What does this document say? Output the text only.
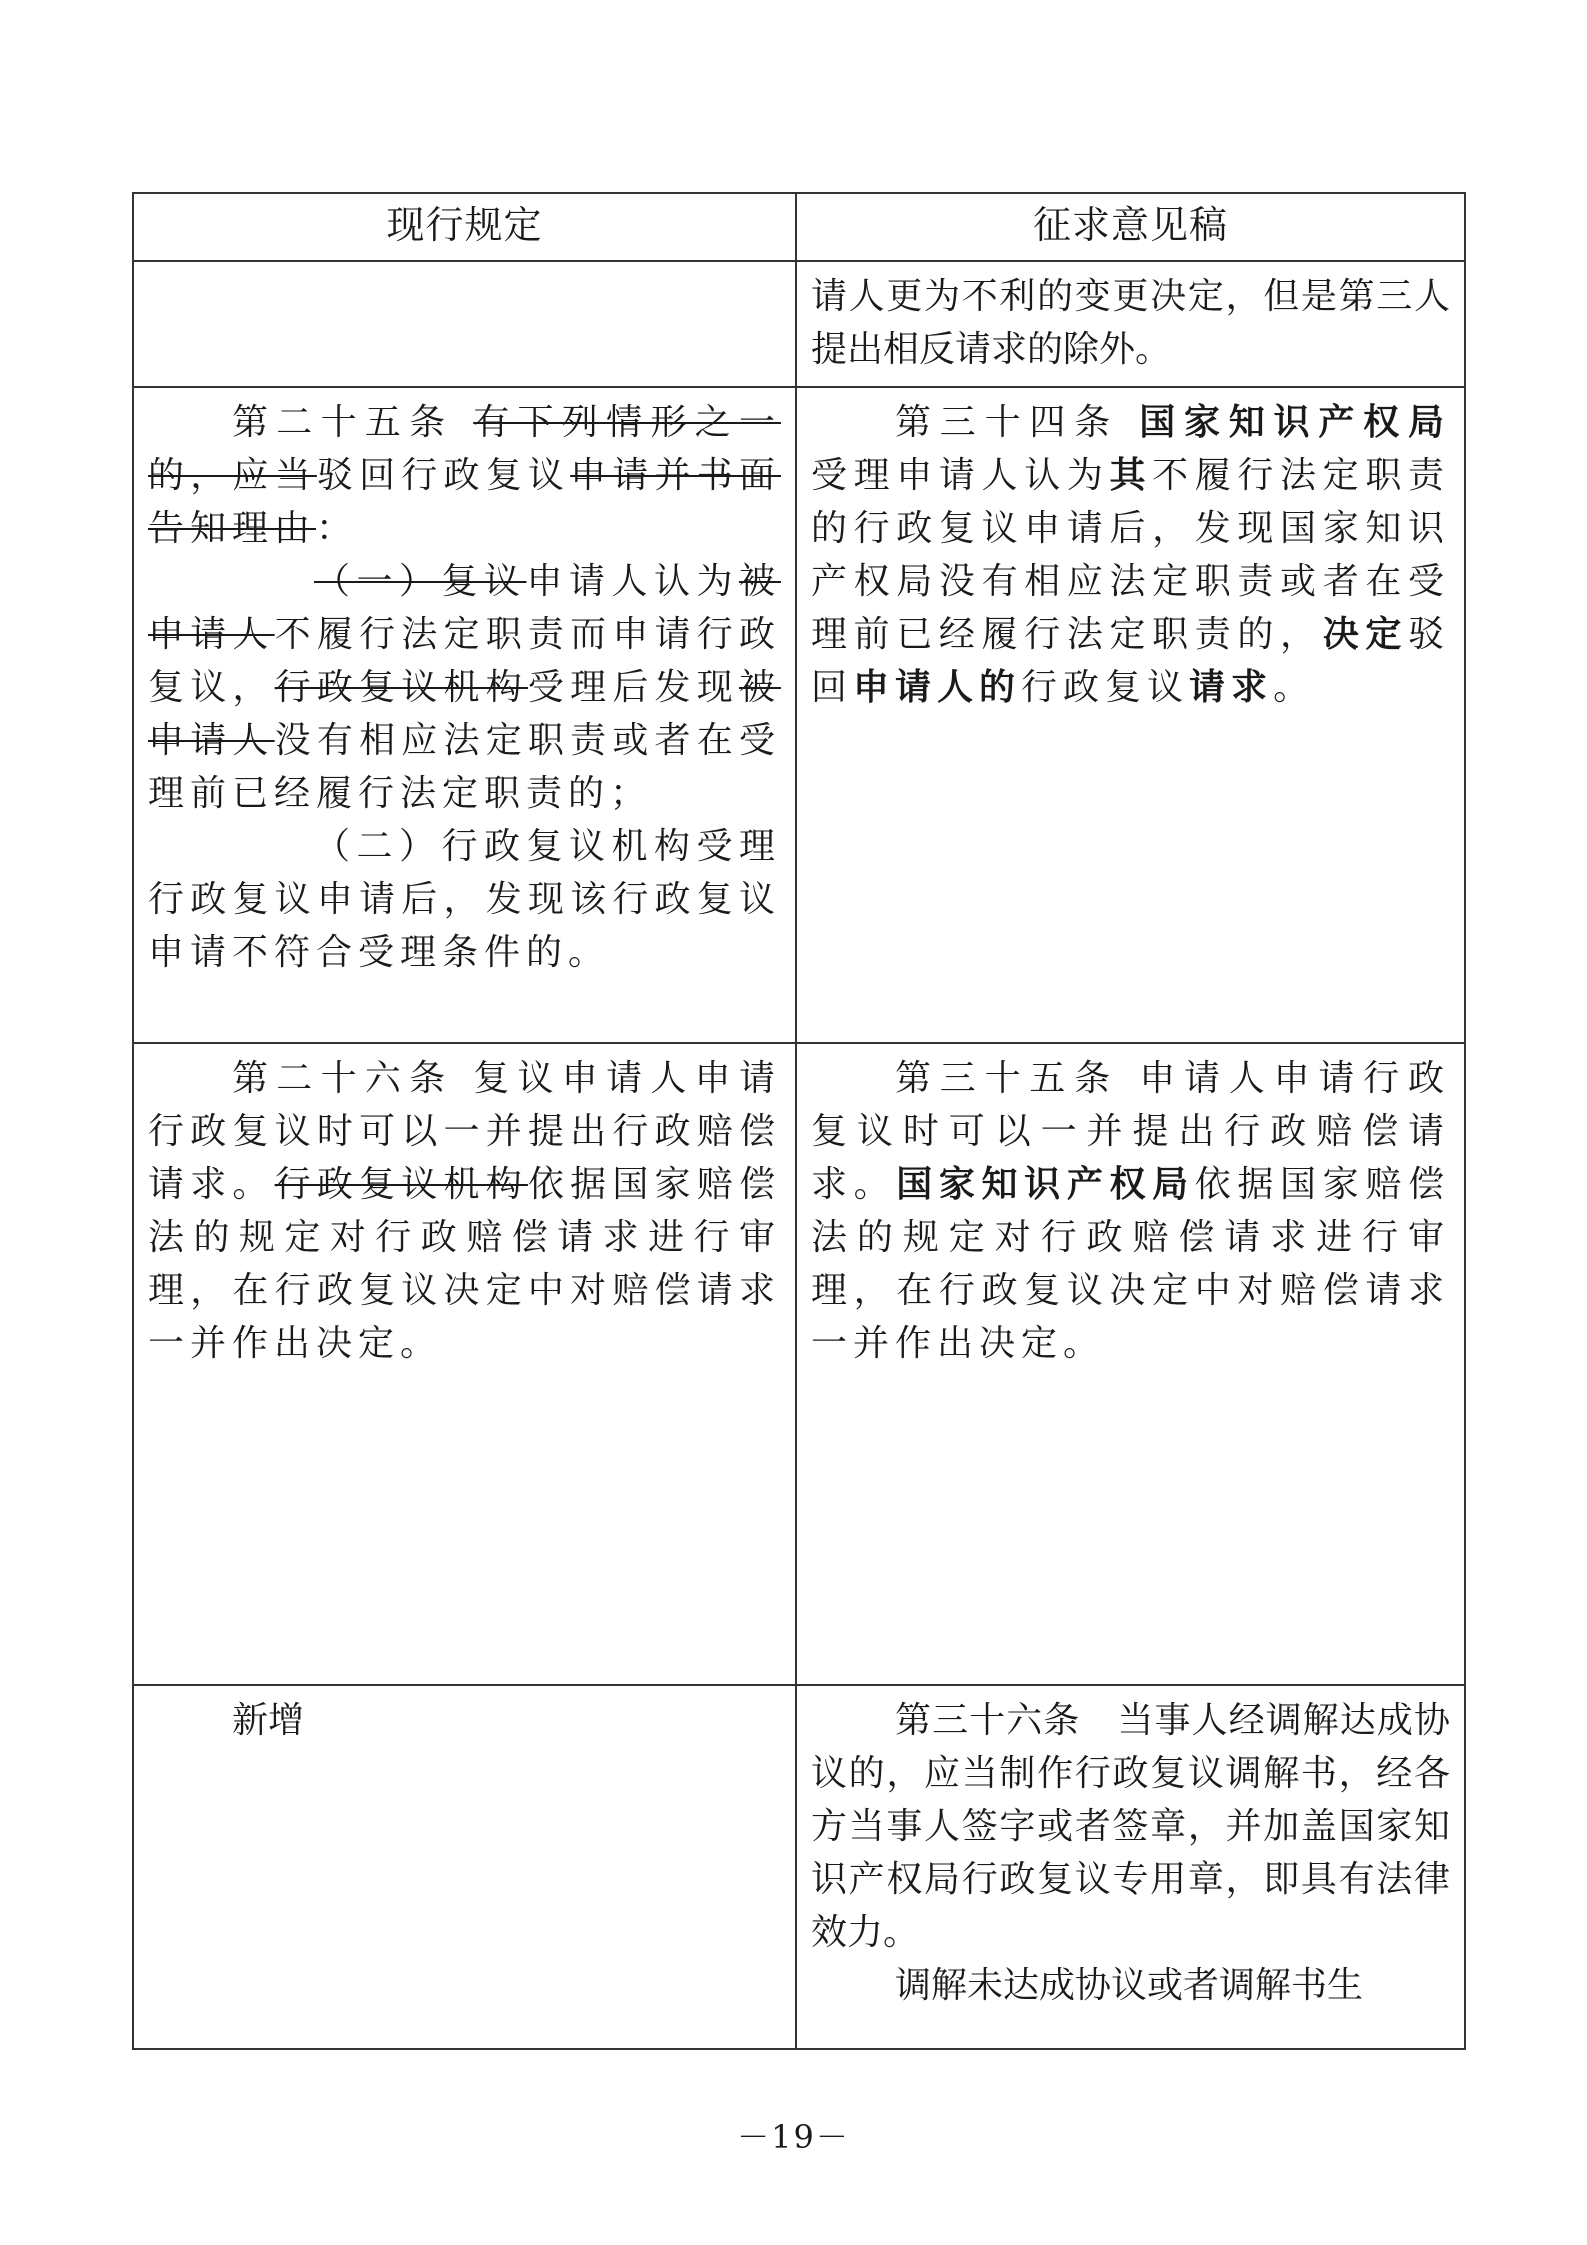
现行规定	征求意见稿

	请人更为不利的变更决定，但是第三人提出相反请求的除外。

第二十五条 有下列情形之一的，应当驳回行政复议申请并书面告知理由：

（一）复议申请人认为被申请人不履行法定职责而申请行政复议，行政复议机构受理后发现被申请人没有相应法定职责或者在受理前已经履行法定职责的；

（二）行政复议机构受理行政复议申请后，发现该行政复议申请不符合受理条件的。	第三十四条 国家知识产权局受理申请人认为其不履行法定职责的行政复议申请后，发现国家知识产权局没有相应法定职责或者在受理前已经履行法定职责的，决定驳回申请人的行政复议请求。

第二十六条 复议申请人申请行政复议时可以一并提出行政赔偿请求。行政复议机构依据国家赔偿法的规定对行政赔偿请求进行审理，在行政复议决定中对赔偿请求一并作出决定。	第三十五条 申请人申请行政复议时可以一并提出行政赔偿请求。国家知识产权局依据国家赔偿法的规定对行政赔偿请求进行审理，在行政复议决定中对赔偿请求一并作出决定。

新增	第三十六条　当事人经调解达成协议的，应当制作行政复议调解书，经各方当事人签字或者签章，并加盖国家知识产权局行政复议专用章，即具有法律效力。

调解未达成协议或者调解书生

－19－
